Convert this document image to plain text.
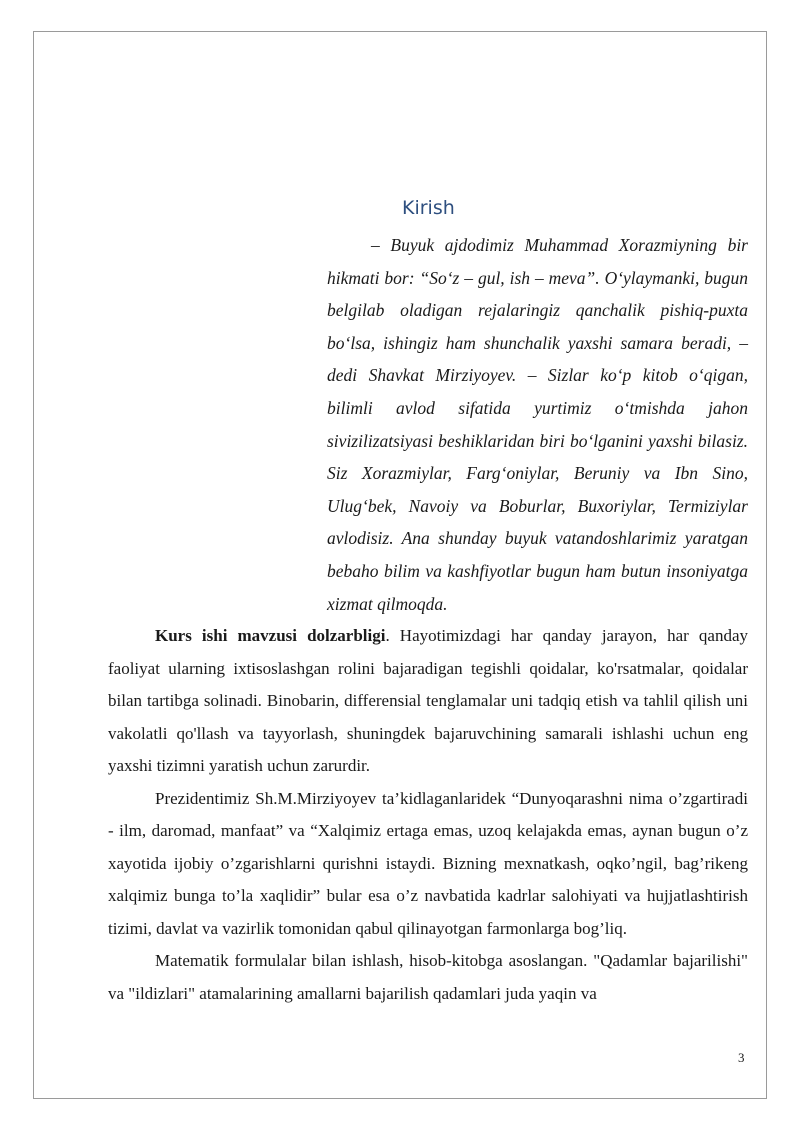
Kirish

– Buyuk ajdodimiz Muhammad Xorazmiyning bir hikmati bor: “So‘z – gul, ish – meva”. O‘ylaymanki, bugun belgilab oladigan rejalaringiz qanchalik pishiq-puxta bo‘lsa, ishingiz ham shunchalik yaxshi samara beradi, – dedi Shavkat Mirziyoyev. – Sizlar ko‘p kitob o‘qigan, bilimli avlod sifatida yurtimiz o‘tmishda jahon sivizilizatsiyasi beshiklaridan biri bo‘lganini yaxshi bilasiz. Siz Xorazmiylar, Farg‘oniylar, Beruniy va Ibn Sino, Ulug‘bek, Navoiy va Boburlar, Buxoriylar, Termiziylar avlodisiz. Ana shunday buyuk vatandoshlarimiz yaratgan bebaho bilim va kashfiyotlar bugun ham butun insoniyatga xizmat qilmoqda.

Kurs ishi mavzusi dolzarbligi. Hayotimizdagi har qanday jarayon, har qanday faoliyat ularning ixtisoslashgan rolini bajaradigan tegishli qoidalar, ko'rsatmalar, qoidalar bilan tartibga solinadi. Binobarin, differensial tenglamalar uni tadqiq etish va tahlil qilish uni vakolatli qo'llash va tayyorlash, shuningdek bajaruvchining samarali ishlashi uchun eng yaxshi tizimni yaratish uchun zarurdir.

Prezidentimiz Sh.M.Mirziyoyev ta’kidlaganlaridek “Dunyoqarashni nima o’zgartiradi - ilm, daromad, manfaat” va “Xalqimiz ertaga emas, uzoq kelajakda emas, aynan bugun o’z xayotida ijobiy o’zgarishlarni qurishni istaydi. Bizning mexnatkash, oqko’ngil, bag’rikeng xalqimiz bunga to’la xaqlidir” bular esa o’z navbatida kadrlar salohiyati va hujjatlashtirish tizimi, davlat va vazirlik tomonidan qabul qilinayotgan farmonlarga bog’liq.

Matematik formulalar bilan ishlash, hisob-kitobga asoslangan. "Qadamlar bajarilishi" va "ildizlari" atamalarining amallarni bajarilish qadamlari juda yaqin va

3
